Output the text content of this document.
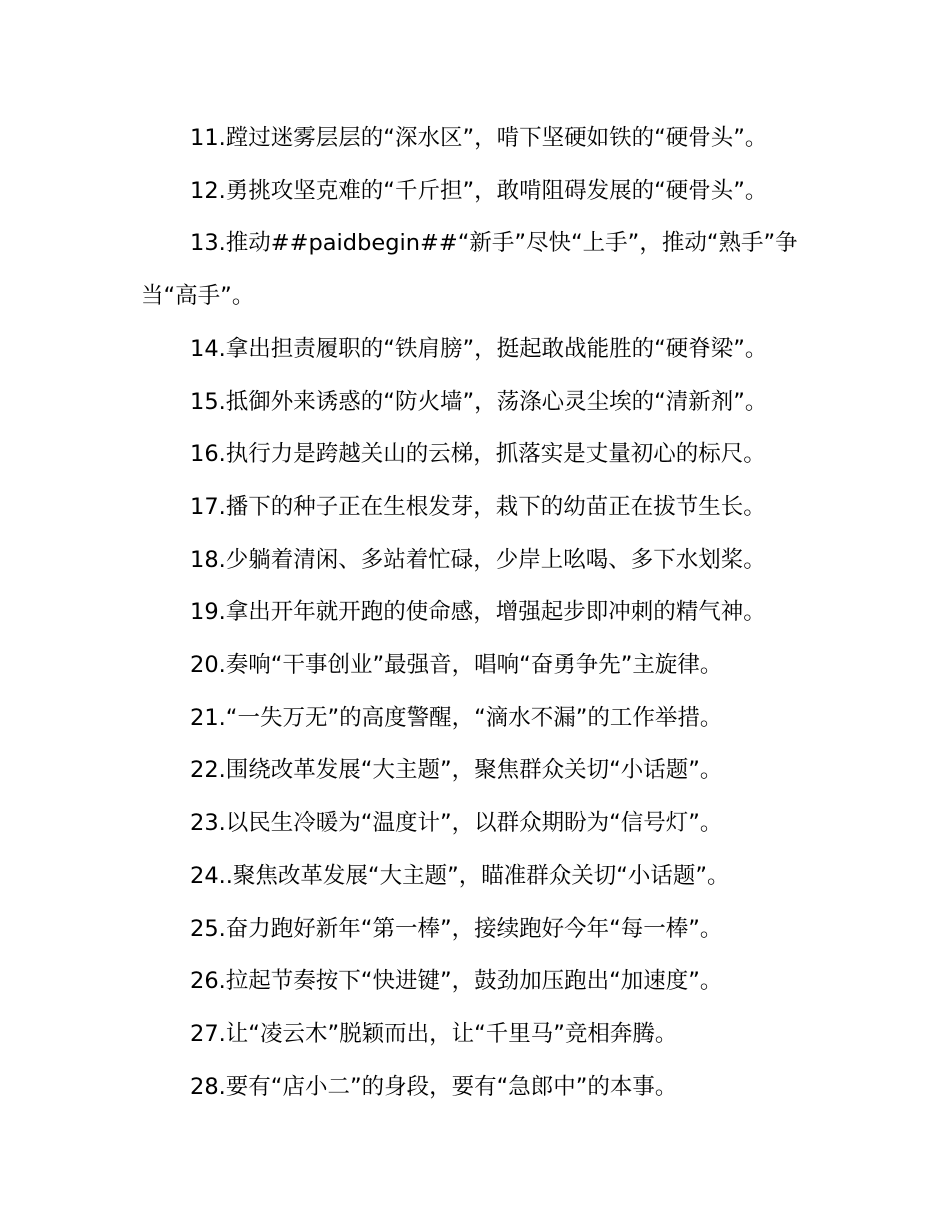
11.蹚过迷雾层层的“深水区”，啃下坚硬如铁的“硬骨头”。

12.勇挑攻坚克难的“千斤担”，敢啃阻碍发展的“硬骨头”。

13.推动##paidbegin##“新手”尽快“上手”，推动“熟手”争当“高手”。

14.拿出担责履职的“铁肩膀”，挺起敢战能胜的“硬脊梁”。

15.抵御外来诱惑的“防火墙”，荡涤心灵尘埃的“清新剂”。

16.执行力是跨越关山的云梯，抓落实是丈量初心的标尺。

17.播下的种子正在生根发芽，栽下的幼苗正在拔节生长。

18.少躺着清闲、多站着忙碌，少岸上吆喝、多下水划桨。

19.拿出开年就开跑的使命感，增强起步即冲刺的精气神。

20.奏响“干事创业”最强音，唱响“奋勇争先”主旋律。

21.“一失万无”的高度警醒，“滴水不漏”的工作举措。

22.围绕改革发展“大主题”，聚焦群众关切“小话题”。

23.以民生冷暖为“温度计”，以群众期盼为“信号灯”。

24..聚焦改革发展“大主题”，瞄准群众关切“小话题”。

25.奋力跑好新年“第一棒”，接续跑好今年“每一棒”。

26.拉起节奏按下“快进键”，鼓劲加压跑出“加速度”。

27.让“凌云木”脱颖而出，让“千里马”竞相奔腾。

28.要有“店小二”的身段，要有“急郎中”的本事。
